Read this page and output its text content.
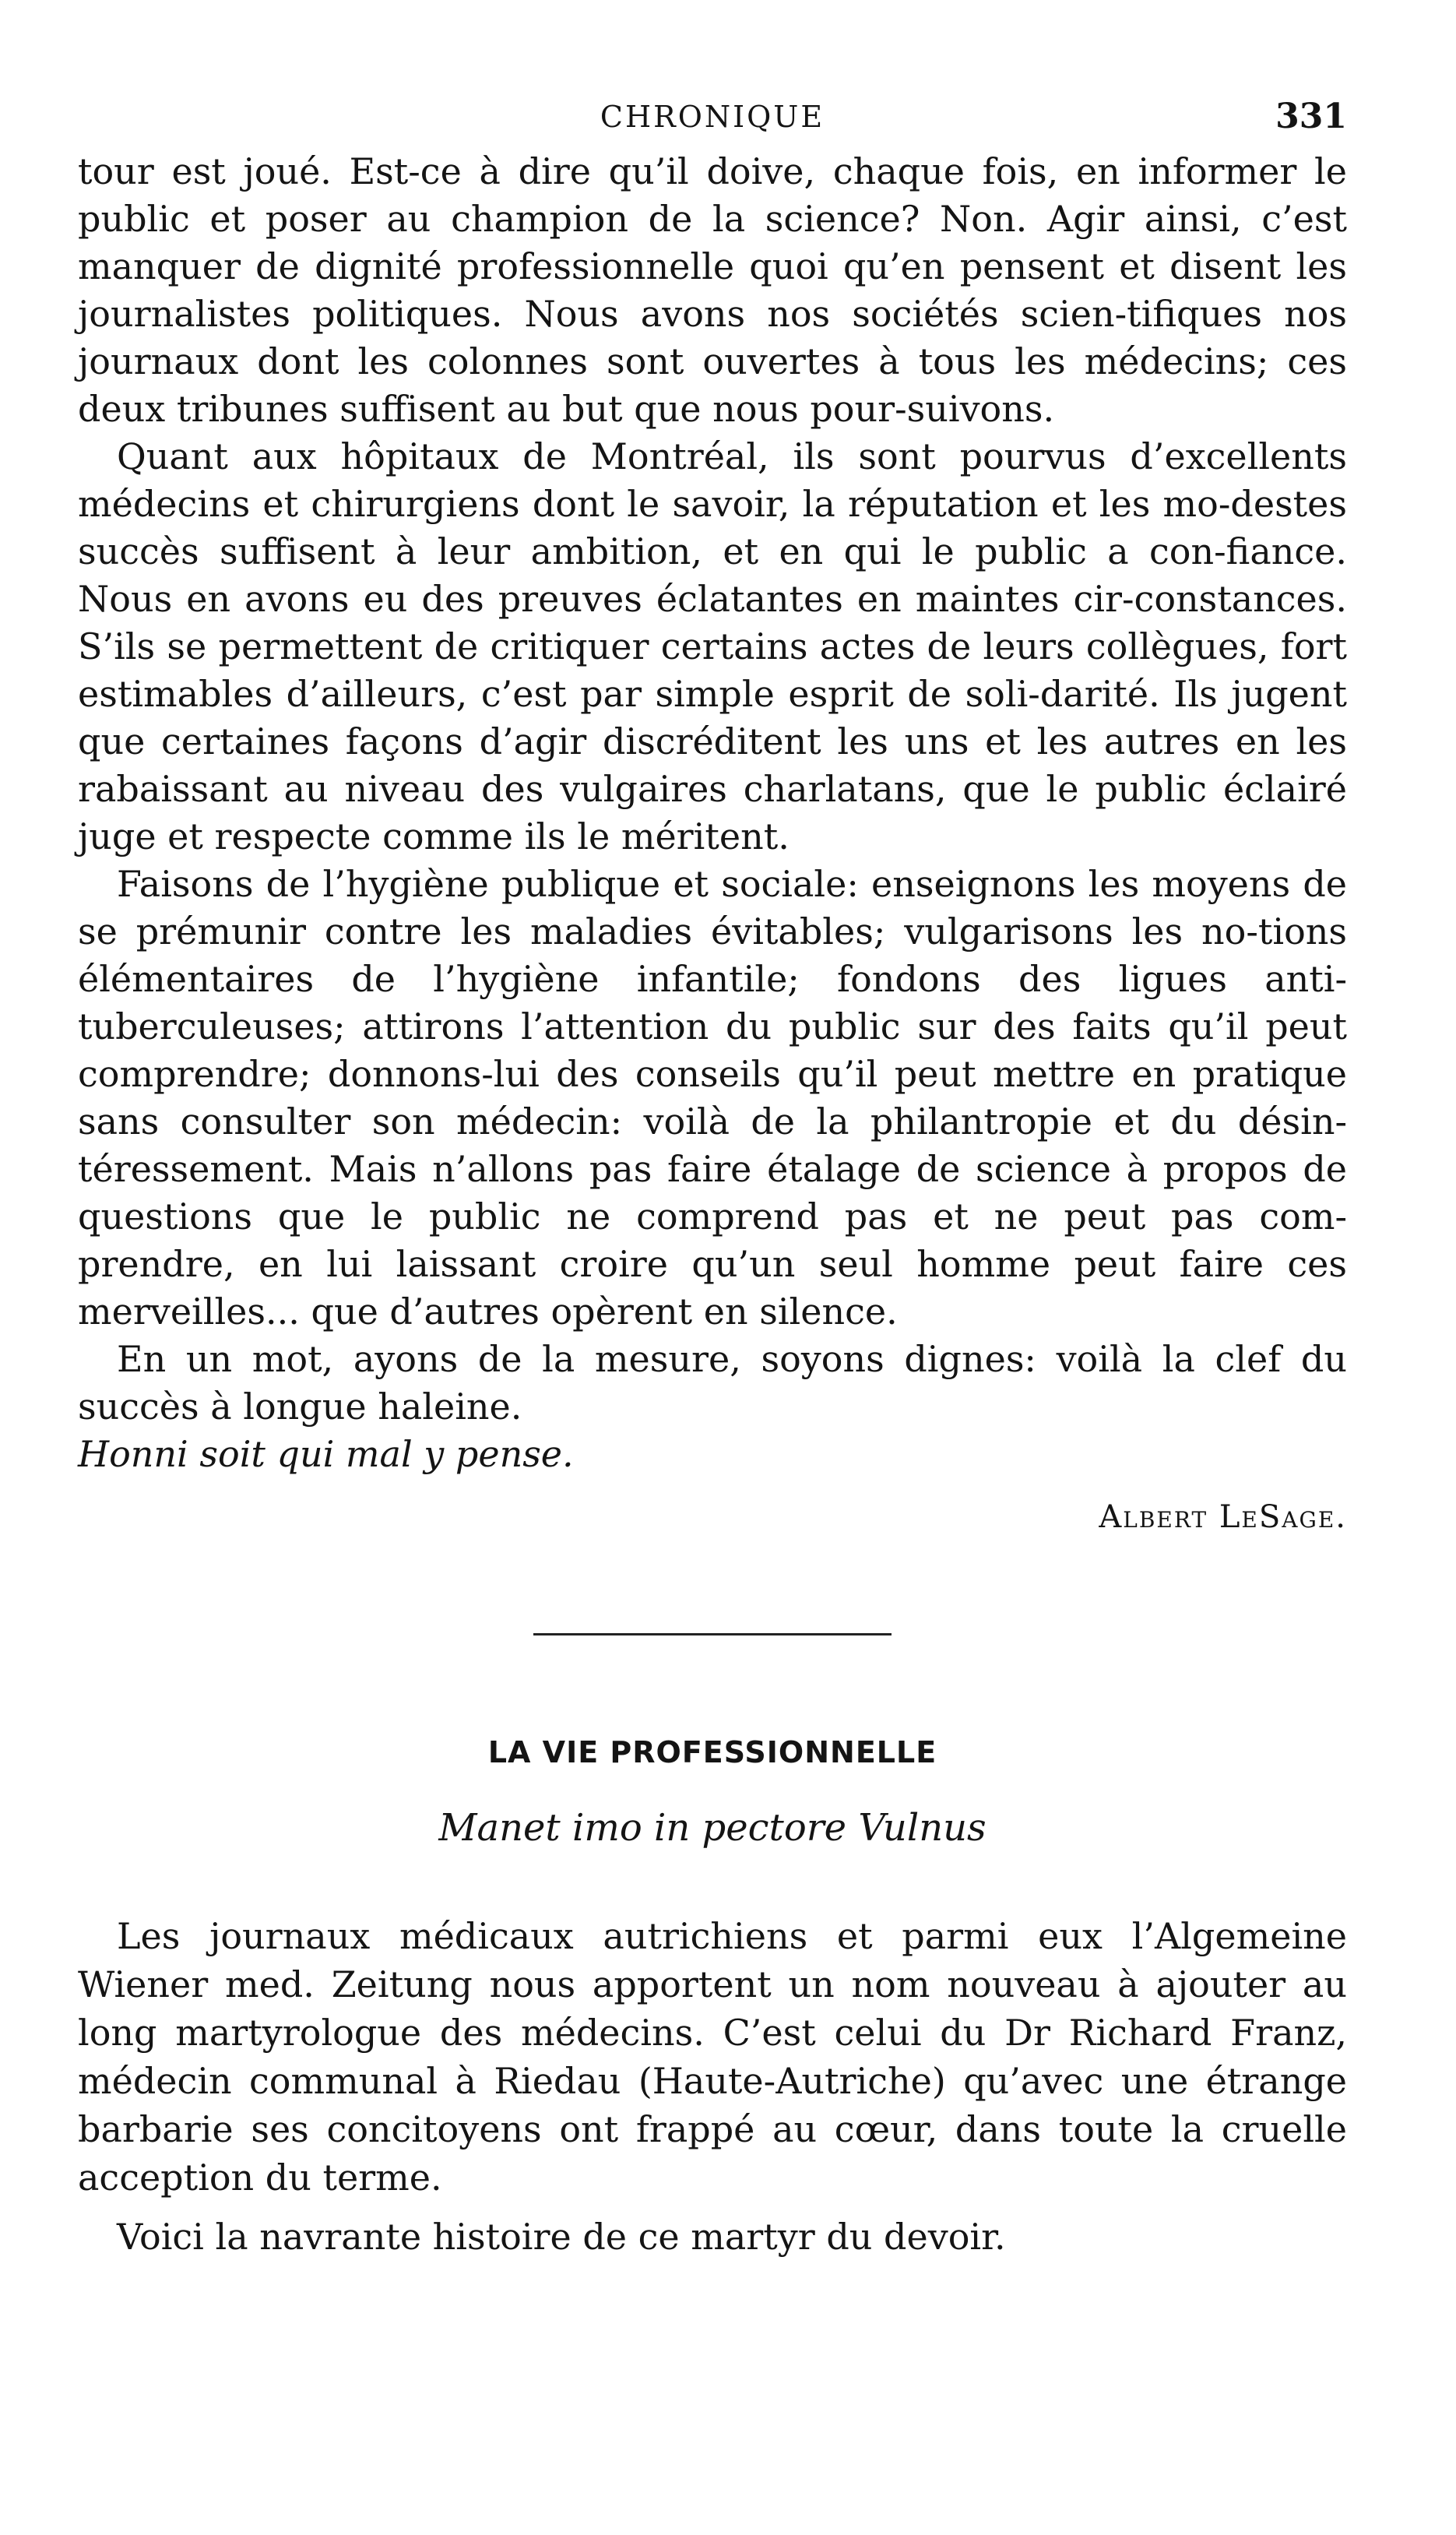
CHRONIQUE	331

tour est joué. Est-ce à dire qu’il doive, chaque fois, en informer le public et poser au champion de la science? Non. Agir ainsi, c’est manquer de dignité professionnelle quoi qu’en pensent et disent les journalistes politiques. Nous avons nos sociétés scien-tifiques nos journaux dont les colonnes sont ouvertes à tous les médecins; ces deux tribunes suffisent au but que nous pour-suivons.

Quant aux hôpitaux de Montréal, ils sont pourvus d’excellents médecins et chirurgiens dont le savoir, la réputation et les mo-destes succès suffisent à leur ambition, et en qui le public a con-fiance. Nous en avons eu des preuves éclatantes en maintes cir-constances. S’ils se permettent de critiquer certains actes de leurs collègues, fort estimables d’ailleurs, c’est par simple esprit de soli-darité. Ils jugent que certaines façons d’agir discréditent les uns et les autres en les rabaissant au niveau des vulgaires charlatans, que le public éclairé juge et respecte comme ils le méritent.

Faisons de l’hygiène publique et sociale: enseignons les moyens de se prémunir contre les maladies évitables; vulgarisons les no-tions élémentaires de l’hygiène infantile; fondons des ligues anti-tuberculeuses; attirons l’attention du public sur des faits qu’il peut comprendre; donnons-lui des conseils qu’il peut mettre en pratique sans consulter son médecin: voilà de la philantropie et du désin-téressement. Mais n’allons pas faire étalage de science à propos de questions que le public ne comprend pas et ne peut pas com-prendre, en lui laissant croire qu’un seul homme peut faire ces merveilles... que d’autres opèrent en silence.

En un mot, ayons de la mesure, soyons dignes: voilà la clef du succès à longue haleine.

Honni soit qui mal y pense.

Albert LeSage.
LA VIE PROFESSIONNELLE
Manet imo in pectore Vulnus

Les journaux médicaux autrichiens et parmi eux l’Algemeine Wiener med. Zeitung nous apportent un nom nouveau à ajouter au long martyrologue des médecins. C’est celui du Dr Richard Franz, médecin communal à Riedau (Haute-Autriche) qu’avec une étrange barbarie ses concitoyens ont frappé au cœur, dans toute la cruelle acception du terme.

Voici la navrante histoire de ce martyr du devoir.
